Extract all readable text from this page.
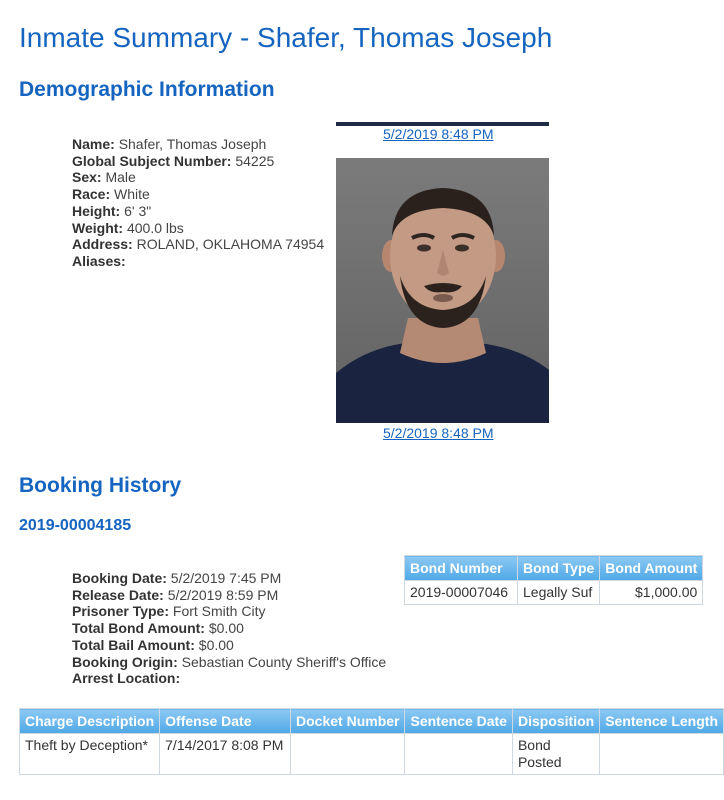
Inmate Summary - Shafer, Thomas Joseph
Demographic Information
Name: Shafer, Thomas Joseph
Global Subject Number: 54225
Sex: Male
Race: White
Height: 6' 3"
Weight: 400.0 lbs
Address: ROLAND, OKLAHOMA 74954
Aliases:
5/2/2019 8:48 PM
5/2/2019 8:48 PM
Booking History
2019-00004185
Booking Date: 5/2/2019 7:45 PM
Release Date: 5/2/2019 8:59 PM
Prisoner Type: Fort Smith City
Total Bond Amount: $0.00
Total Bail Amount: $0.00
Booking Origin: Sebastian County Sheriff's Office
Arrest Location:
Bond Number	Bond Type	Bond Amount
2019-00007046	Legally Suf	$1,000.00
Charge Description	Offense Date	Docket Number	Sentence Date	Disposition	Sentence Length
Theft by Deception*	7/14/2017 8:08 PM			Bond Posted	
